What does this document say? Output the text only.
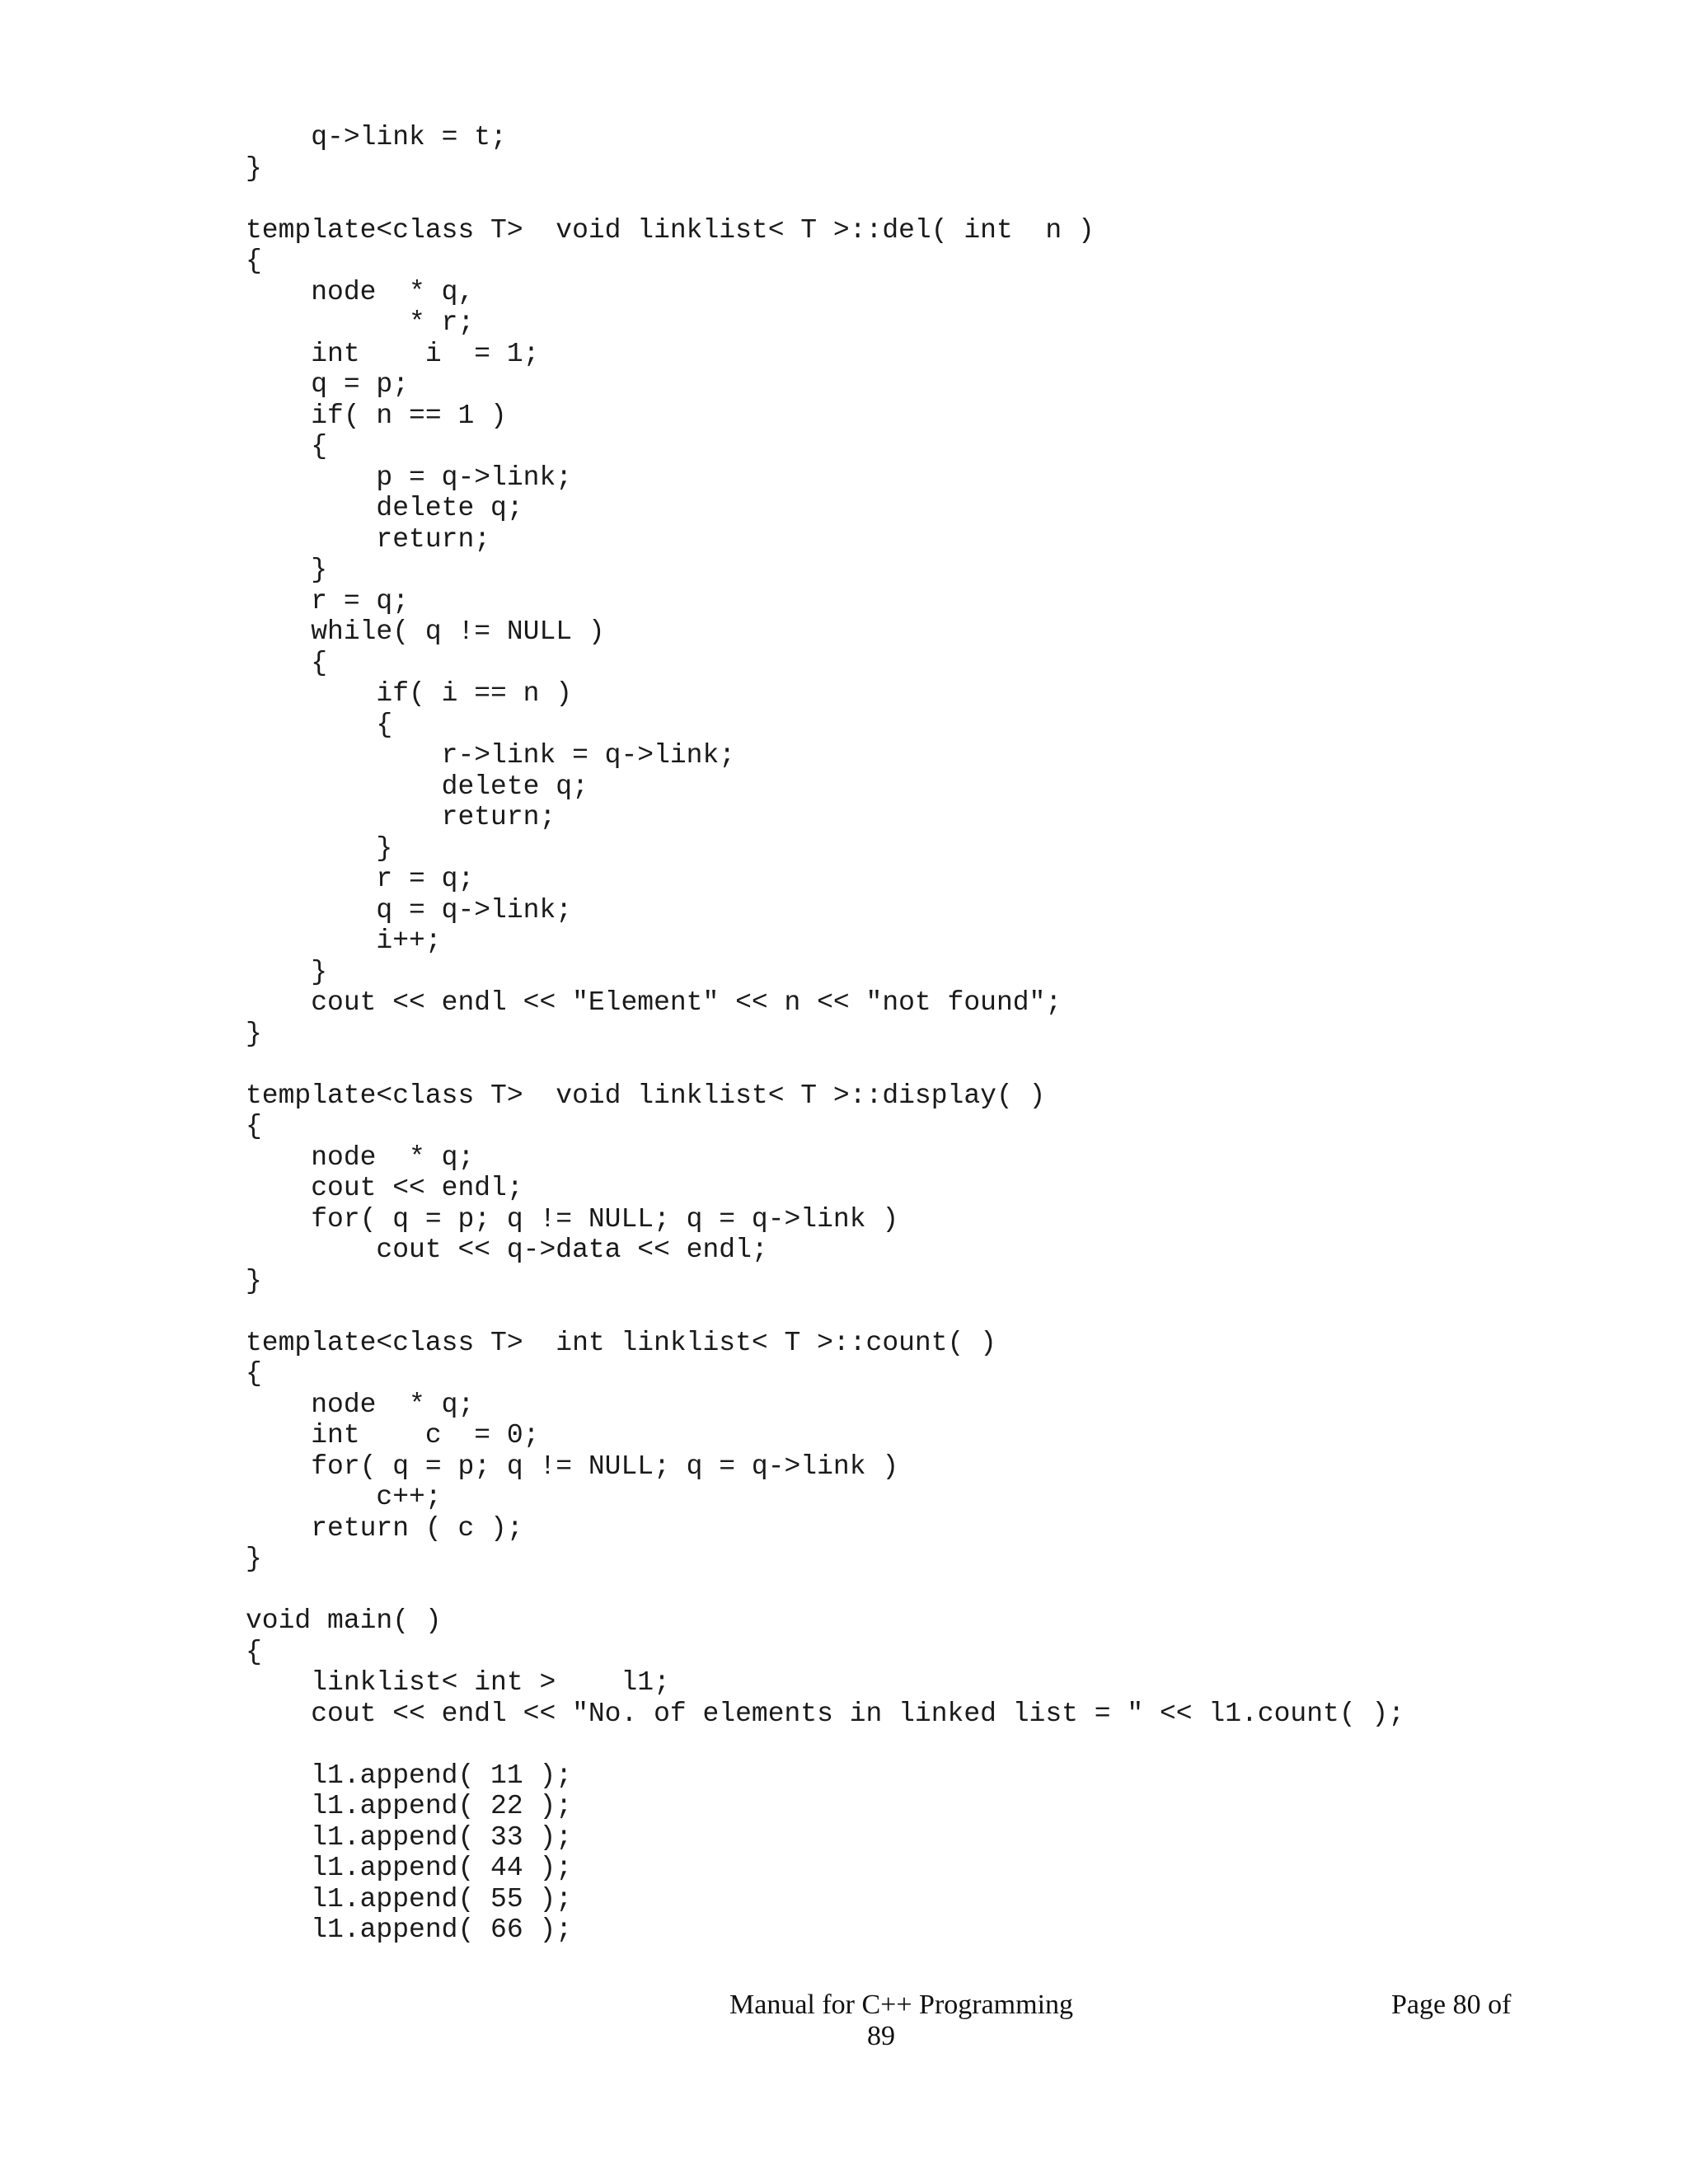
q->link = t;
}
template<class T>  void linklist< T >::del( int  n )
{
node  * q,
* r;
int    i  = 1;
q = p;
if( n == 1 )
{
p = q->link;
delete q;
return;
}
r = q;
while( q != NULL )
{
if( i == n )
{
r->link = q->link;
delete q;
return;
}
r = q;
q = q->link;
i++;
}
cout << endl << "Element" << n << "not found";
}
template<class T>  void linklist< T >::display( )
{
node  * q;
cout << endl;
for( q = p; q != NULL; q = q->link )
cout << q->data << endl;
}
template<class T>  int linklist< T >::count( )
{
node  * q;
int    c  = 0;
for( q = p; q != NULL; q = q->link )
c++;
return ( c );
}
void main( )
{
linklist< int >    l1;
cout << endl << "No. of elements in linked list = " << l1.count( );
l1.append( 11 );
l1.append( 22 );
l1.append( 33 );
l1.append( 44 );
l1.append( 55 );
l1.append( 66 );
Manual for C++ Programming	Page 80 of
89
